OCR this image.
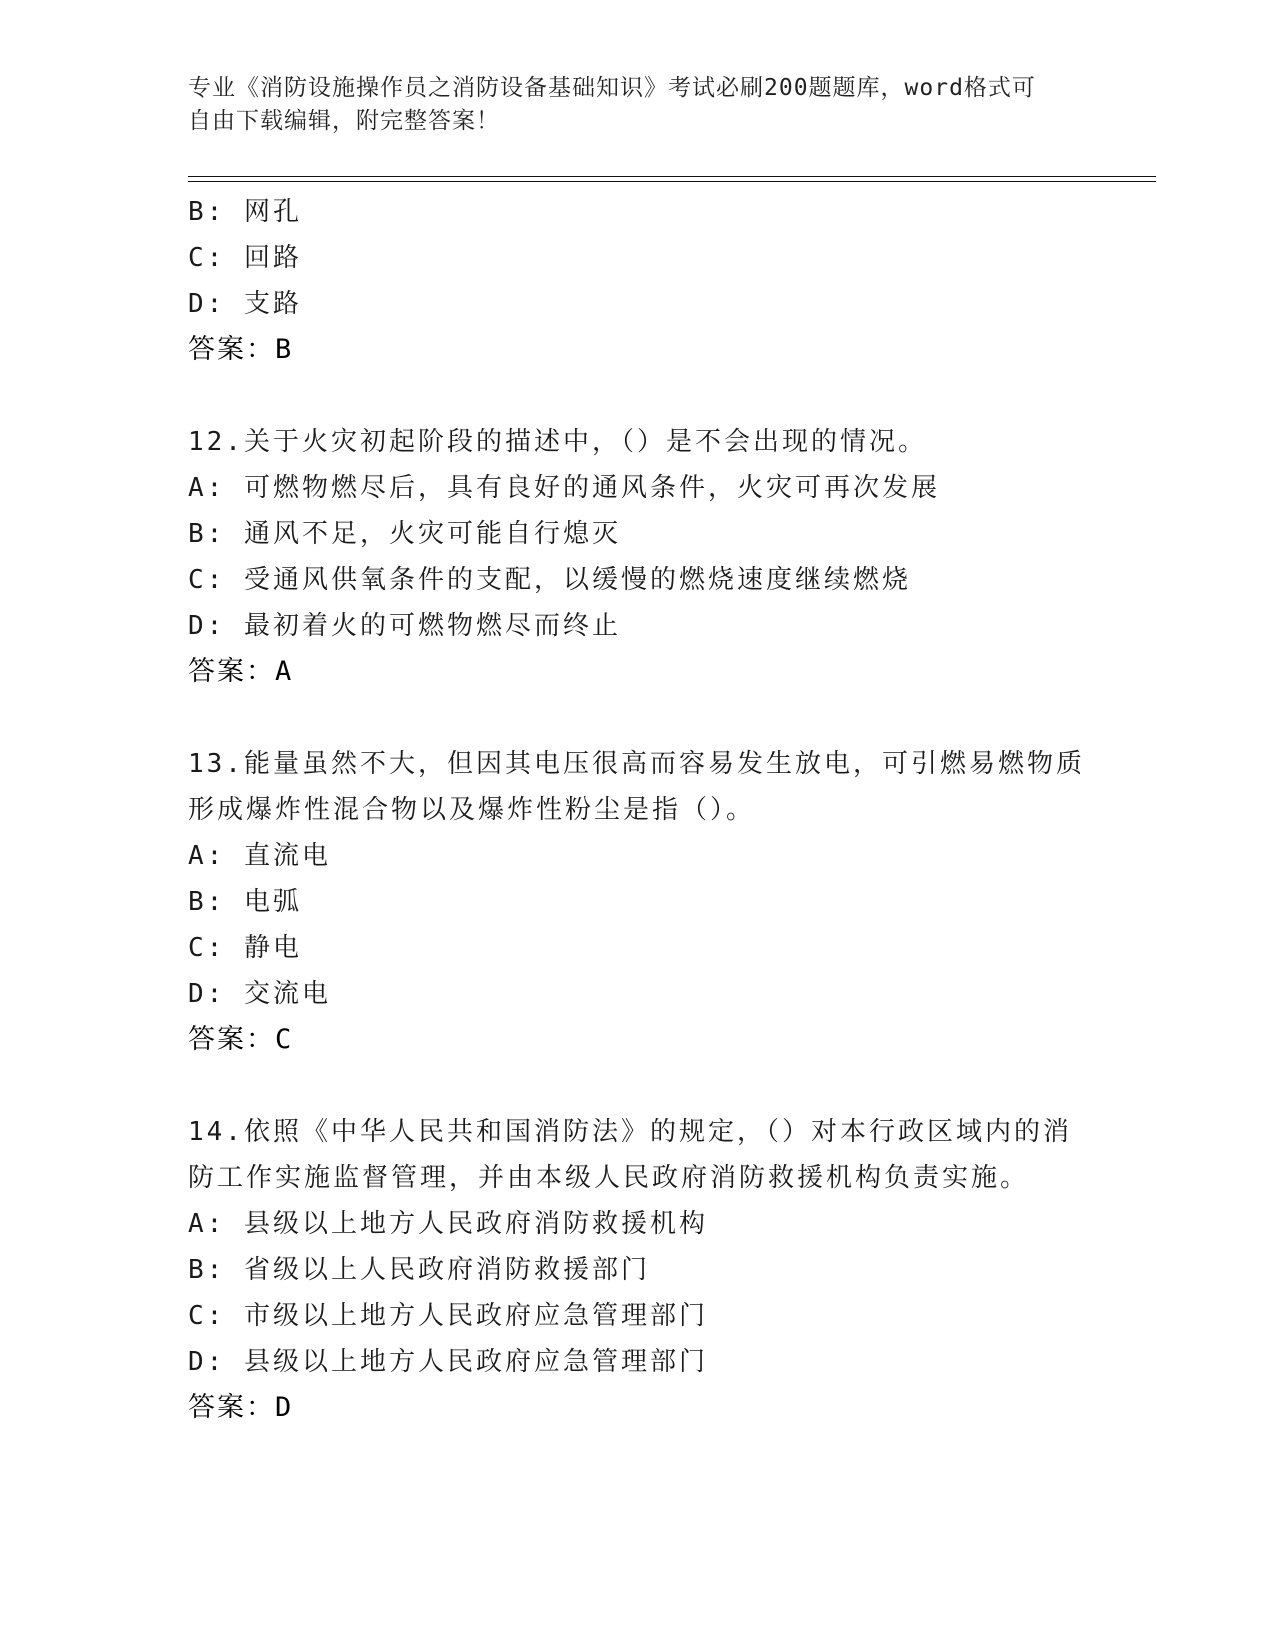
专业《消防设施操作员之消防设备基础知识》考试必刷200题题库，word格式可
自由下载编辑，附完整答案！
B: 网孔
C: 回路
D: 支路
答案：B
12.关于火灾初起阶段的描述中，（）是不会出现的情况。
A: 可燃物燃尽后，具有良好的通风条件，火灾可再次发展
B: 通风不足，火灾可能自行熄灭
C: 受通风供氧条件的支配，以缓慢的燃烧速度继续燃烧
D: 最初着火的可燃物燃尽而终止
答案：A
13.能量虽然不大，但因其电压很高而容易发生放电，可引燃易燃物质
形成爆炸性混合物以及爆炸性粉尘是指（）。
A: 直流电
B: 电弧
C: 静电
D: 交流电
答案：C
14.依照《中华人民共和国消防法》的规定，（）对本行政区域内的消
防工作实施监督管理，并由本级人民政府消防救援机构负责实施。
A: 县级以上地方人民政府消防救援机构
B: 省级以上人民政府消防救援部门
C: 市级以上地方人民政府应急管理部门
D: 县级以上地方人民政府应急管理部门
答案：D
